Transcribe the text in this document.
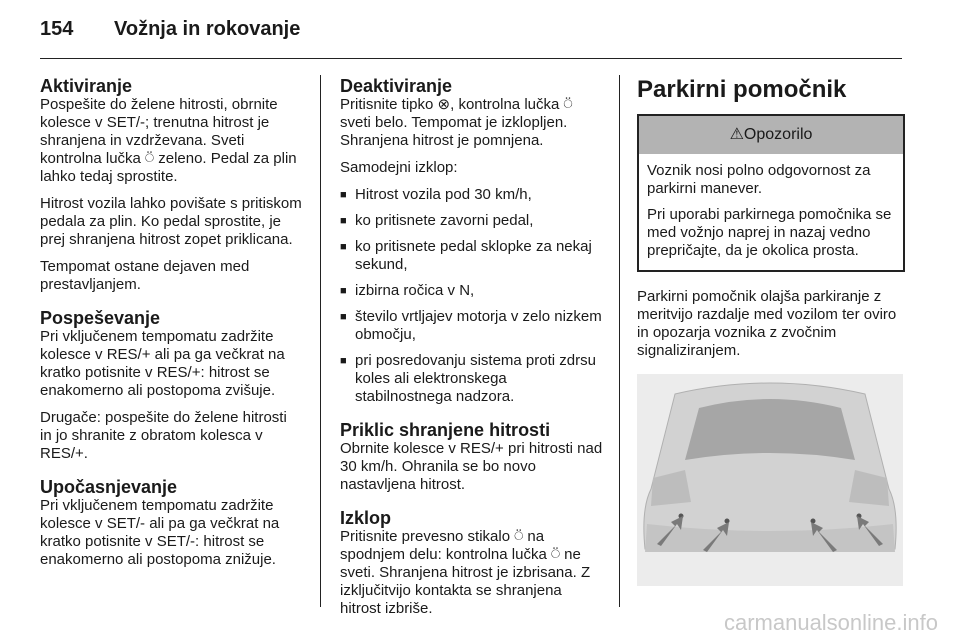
154 Vožnja in rokovanje
Aktiviranje

Pospešite do želene hitrosti, obrnite kolesce v SET/-; trenutna hitrost je shranjena in vzdrževana. Sveti kontrolna lučka ⍥ zeleno. Pedal za plin lahko tedaj sprostite.

Hitrost vozila lahko povišate s pritiskom pedala za plin. Ko pedal sprostite, je prej shranjena hitrost zopet priklicana.

Tempomat ostane dejaven med prestavljanjem.

Pospeševanje

Pri vključenem tempomatu zadržite kolesce v RES/+ ali pa ga večkrat na kratko potisnite v RES/+: hitrost se enakomerno ali postopoma zvišuje.

Drugače: pospešite do želene hitrosti in jo shranite z obratom kolesca v RES/+.

Upočasnjevanje

Pri vključenem tempomatu zadržite kolesce v SET/- ali pa ga večkrat na kratko potisnite v SET/-: hitrost se enakomerno ali postopoma znižuje.

Deaktiviranje

Pritisnite tipko ⊗, kontrolna lučka ⍥ sveti belo. Tempomat je izklopljen. Shranjena hitrost je pomnjena.

Samodejni izklop:

■ Hitrost vozila pod 30 km/h,
■ ko pritisnete zavorni pedal,
■ ko pritisnete pedal sklopke za nekaj sekund,
■ izbirna ročica v N,
■ število vrtljajev motorja v zelo nizkem območju,
■ pri posredovanju sistema proti zdrsu koles ali elektronskega stabilnostnega nadzora.
Priklic shranjene hitrosti

Obrnite kolesce v RES/+ pri hitrosti nad 30 km/h. Ohranila se bo novo nastavljena hitrost.

Izklop

Pritisnite prevesno stikalo ⍥ na spodnjem delu: kontrolna lučka ⍥ ne sveti. Shranjena hitrost je izbrisana. Z izključitvijo kontakta se shranjena hitrost izbriše.

Parkirni pomočnik
⚠Opozorilo

Voznik nosi polno odgovornost za parkirni manever.

Pri uporabi parkirnega pomočnika se med vožnjo naprej in nazaj vedno prepričajte, da je okolica prosta.

Parkirni pomočnik olajša parkiranje z meritvijo razdalje med vozilom ter oviro in opozarja voznika z zvočnim signaliziranjem.

carmanualsonline.info
